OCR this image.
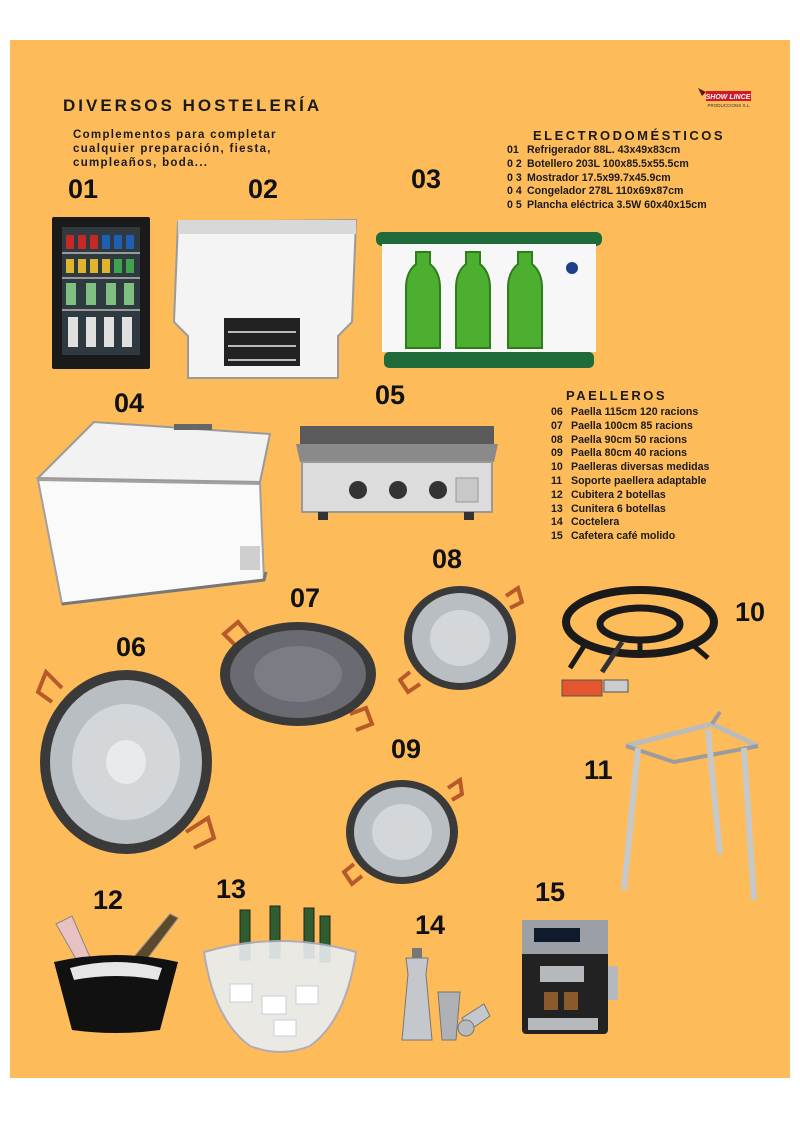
DIVERSOS HOSTELERÍA

Complementos para completar cualquier preparación, fiesta, cumpleaños, boda...

SHOW LINCE
PRODUCCIONS S.L.
ELECTRODOMÉSTICOS
01 Refrigerador 88L. 43x49x83cm
0 2 Botellero 203L 100x85.5x55.5cm
0 3 Mostrador 17.5x99.7x45.9cm
0 4 Congelador 278L 110x69x87cm
0 5 Plancha eléctrica 3.5W 60x40x15cm
PAELLEROS
06 Paella 115cm 120 racions
07 Paella 100cm 85 racions
08 Paella 90cm 50 racions
09 Paella 80cm 40 racions
10 Paelleras diversas medidas
11 Soporte paellera adaptable
12 Cubitera 2 botellas
13 Cunitera 6 botellas
14 Coctelera
15 Cafetera café molido
01	02	03
04	05
06
07
08
09
10
11
12	13
14
15
